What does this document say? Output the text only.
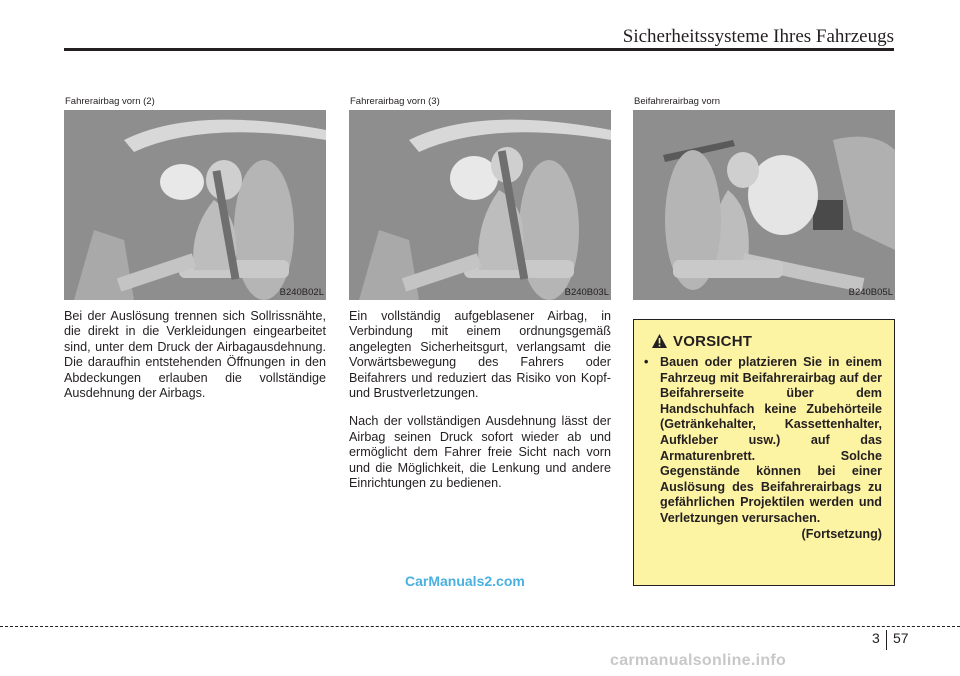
Sicherheitssysteme Ihres Fahrzeugs
Fahrerairbag vorn (2)
B240B02L
Fahrerairbag vorn (3)
B240B03L
Beifahrerairbag vorn
B240B05L

Bei der Auslösung trennen sich Sollrissnähte, die direkt in die Verkleidungen eingearbeitet sind, unter dem Druck der Airbagausdehnung. Die daraufhin entstehenden Öffnungen in den Abdeckungen erlauben die vollständige Ausdehnung der Airbags.

Ein vollständig aufgeblasener Airbag, in Verbindung mit einem ordnungsgemäß angelegten Sicherheitsgurt, verlangsamt die Vorwärtsbewegung des Fahrers oder Beifahrers und reduziert das Risiko von Kopf- und Brustverletzungen.

Nach der vollständigen Ausdehnung lässt der Airbag seinen Druck sofort wieder ab und ermöglicht dem Fahrer freie Sicht nach vorn und die Möglichkeit, die Lenkung und andere Einrichtungen zu bedienen.

VORSICHT
• Bauen oder platzieren Sie in einem Fahrzeug mit Beifahrerairbag auf der Beifahrerseite über dem Handschuhfach keine Zubehörteile (Getränkehalter, Kassettenhalter, Aufkleber usw.) auf das Armaturenbrett. Solche Gegenstände können bei einer Auslösung des Beifahrerairbags zu gefährlichen Projektilen werden und Verletzungen verursachen.
(Fortsetzung)
CarManuals2.com
3 57
carmanualsonline.info
